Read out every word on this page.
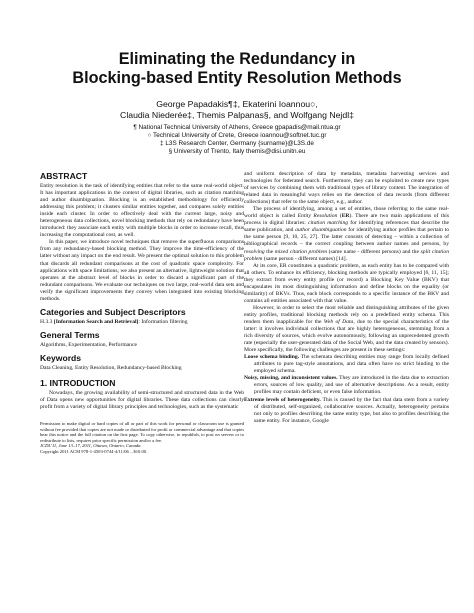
Eliminating the Redundancy in
Blocking-based Entity Resolution Methods
George Papadakis¶‡, Ekaterini Ioannou○,
Claudia Niederée‡, Themis Palpanas§, and Wolfgang Nejdl‡
¶ National Technical University of Athens, Greece gpapadis@mail.ntua.gr
○ Technical University of Crete, Greece ioannou@softnet.tuc.gr
‡ L3S Research Center, Germany {surname}@L3S.de
§ University of Trento, Italy themis@disi.unitn.eu
ABSTRACT

Entity resolution is the task of identifying entities that refer to the same real-world object. It has important applications in the context of digital libraries, such as citation matching and author disambiguation. Blocking is an established methodology for efficiently addressing this problem; it clusters similar entities together, and compares solely entities inside each cluster. In order to effectively deal with the current large, noisy and heterogeneous data collections, novel blocking methods that rely on redundancy have been introduced: they associate each entity with multiple blocks in order to increase recall, thus increasing the computational cost, as well.

In this paper, we introduce novel techniques that remove the superfluous comparisons from any redundancy-based blocking method. They improve the time-efficiency of the latter without any impact on the end result. We present the optimal solution to this problem that discards all redundant comparisons at the cost of quadratic space complexity. For applications with space limitations, we also present an alternative, lightweight solution that operates at the abstract level of blocks in order to discard a significant part of the redundant comparisons. We evaluate our techniques on two large, real-world data sets and verify the significant improvements they convey when integrated into existing blocking methods.

Categories and Subject Descriptors

H.3.3 [Information Search and Retrieval]: Information filtering

General Terms

Algorithms, Experimentation, Performance

Keywords

Data Cleaning, Entity Resolution, Redundancy-based Blocking

1. INTRODUCTION

Nowadays, the growing availability of semi-structured and structured data in the Web of Data opens new opportunities for digital libraries. These data collections can clearly profit from a variety of digital library principles and technologies, such as the systematic

Permission to make digital or hard copies of all or part of this work for personal or classroom use is granted without fee provided that copies are not made or distributed for profit or commercial advantage and that copies bear this notice and the full citation on the first page. To copy otherwise, to republish, to post on servers or to redistribute to lists, requires prior specific permission and/or a fee.
JCDL'11, June 13–17, 2011, Ottawa, Ontario, Canada.
Copyright 2011 ACM 978-1-4503-0744-4/11/06 ...$10.00.

and uniform description of data by metadata, metadata harvesting services and technologies for federated search. Furthermore, they can be exploited to create new types of services by combining them with traditional types of library content. The integration of related data in meaningful ways relies on the detection of data records (from different collections) that refer to the same object, e.g., author.

The process of identifying, among a set of entities, those referring to the same real-world object is called Entity Resolution (ER). There are two main applications of this process in digital libraries: citation matching for identifying references that describe the same publication, and author disambiguation for identifying author profiles that pertain to the same person [9, 10, 25, 27]. The latter consists of detecting – within a collection of bibliographical records – the correct coupling between author names and persons, by resolving the mixed citation problem (same name - different persons) and the split citation problem (same person - different names) [14].

At its core, ER constitutes a quadratic problem, as each entity has to be compared with all others. To enhance its efficiency, blocking methods are typically employed [6, 11, 15]; they extract from every entity profile (or record) a Blocking Key Value (BKV) that encapsulates its most distinguishing information and define blocks on the equality (or similarity) of BKVs. Thus, each block corresponds to a specific instance of the BKV and contains all entities associated with that value.

However, in order to select the most reliable and distinguishing attributes of the given entity profiles, traditional blocking methods rely on a predefined entity schema. This renders them inapplicable for the Web of Data, due to the special characteristics of the latter: it involves individual collections that are highly heterogeneous, stemming from a rich diversity of sources, which evolve autonomously, following an unprecedented growth rate (especially the user-generated data of the Social Web, and the data created by sensors). More specifically, the following challenges are present in these settings:

Loose schema binding. The schemata describing entities may range from locally defined attributes to pure tag-style annotations, and data often have no strict binding to the employed schema.

Noisy, missing, and inconsistent values. They are introduced in the data due to extraction errors, sources of low quality, and use of alternative descriptions. As a result, entity profiles may contain deficient, or even false information.

Extreme levels of heterogeneity. This is caused by the fact that data stem from a variety of distributed, self-organized, collaborative sources. Actually, heterogeneity pertains not only to profiles describing the same entity type, but also to profiles describing the same entity. For instance, Google
